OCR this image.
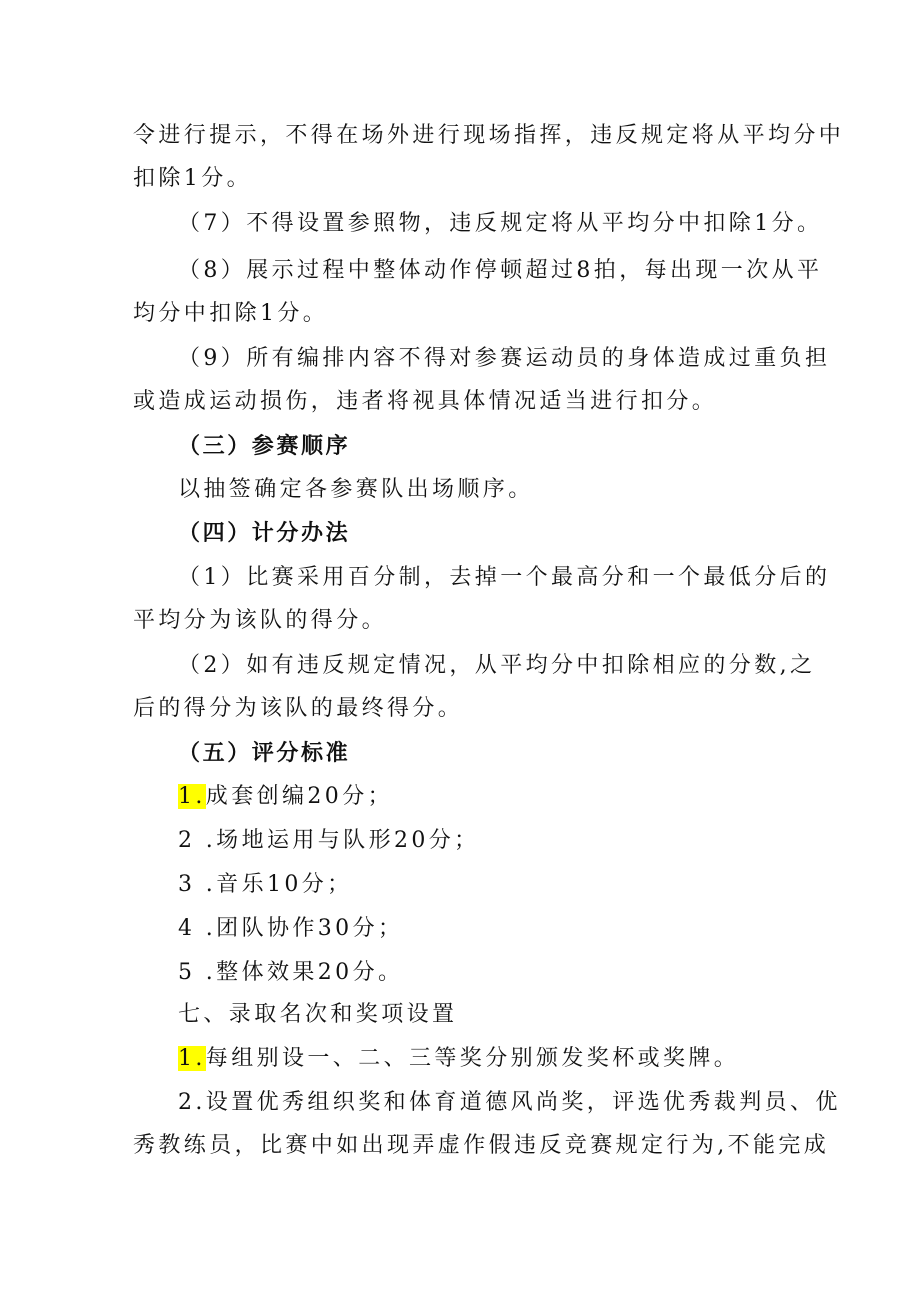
令进行提示，不得在场外进行现场指挥，违反规定将从平均分中
扣除1分。
（7）不得设置参照物，违反规定将从平均分中扣除1分。
（8）展示过程中整体动作停顿超过8拍，每出现一次从平
均分中扣除1分。
（9）所有编排内容不得对参赛运动员的身体造成过重负担
或造成运动损伤，违者将视具体情况适当进行扣分。
（三）参赛顺序
以抽签确定各参赛队出场顺序。
（四）计分办法
（1）比赛采用百分制，去掉一个最高分和一个最低分后的
平均分为该队的得分。
（2）如有违反规定情况，从平均分中扣除相应的分数,之
后的得分为该队的最终得分。
（五）评分标准
1.成套创编20分；
2 .场地运用与队形20分；
3 .音乐10分；
4 .团队协作30分；
5 .整体效果20分。
七、录取名次和奖项设置
1.每组别设一、二、三等奖分别颁发奖杯或奖牌。
2.设置优秀组织奖和体育道德风尚奖，评选优秀裁判员、优
秀教练员，比赛中如出现弄虚作假违反竞赛规定行为,不能完成
